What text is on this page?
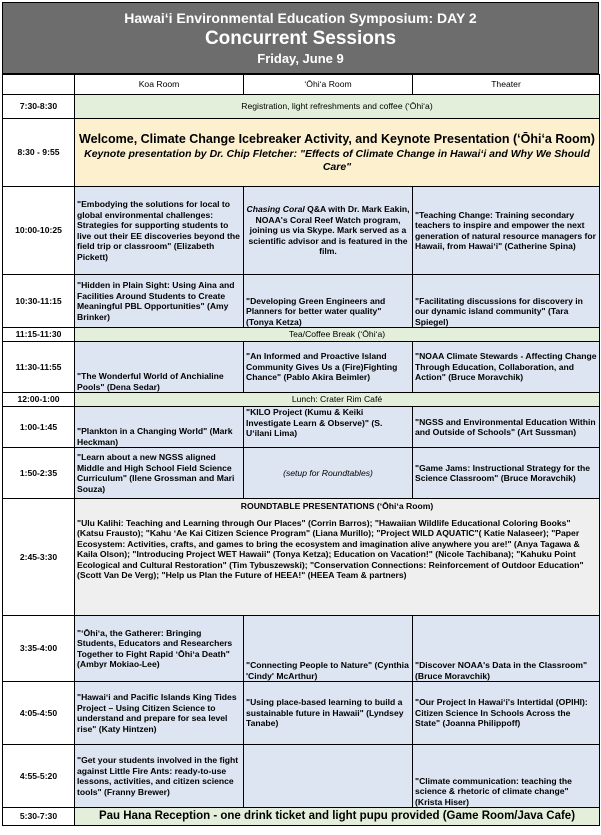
Hawaiʻi Environmental Education Symposium: DAY 2
Concurrent Sessions
Friday, June 9
	Koa Room	ʻŌhiʻa Room	Theater
7:30-8:30	Registration, light refreshments and coffee (ʻŌhiʻa)		
8:30 - 9:55	Welcome, Climate Change Icebreaker Activity, and Keynote Presentation (ʻŌhiʻa Room)
Keynote presentation by Dr. Chip Fletcher: "Effects of Climate Change in Hawaiʻi and Why We Should Care"		

10:00-10:25	"Embodying the solutions for local to global environmental challenges: Strategies for supporting students to live out their EE discoveries beyond the field trip or classroom" (Elizabeth Pickett)	Chasing Coral Q&A with Dr. Mark Eakin, NOAA's Coral Reef Watch program, joining us via Skype. Mark served as a scientific advisor and is featured in the film.	"Teaching Change: Training secondary teachers to inspire and empower the next generation of natural resource managers for Hawaii, from Hawaiʻi" (Catherine Spina)
10:30-11:15	"Hidden in Plain Sight: Using Aina and Facilities Around Students to Create Meaningful PBL Opportunities" (Amy Brinker)	"Developing Green Engineers and Planners for better water quality" (Tonya Ketza)	"Facilitating discussions for discovery in our dynamic island community" (Tara Spiegel)
11:15-11:30	Tea/Coffee Break (ʻŌhiʻa)		
11:30-11:55	"The Wonderful World of Anchialine Pools" (Dena Sedar)	"An Informed and Proactive Island Community Gives Us a (Fire)Fighting Chance" (Pablo Akira Beimler)	"NOAA Climate Stewards - Affecting Change Through Education, Collaboration, and Action" (Bruce Moravchik)
12:00-1:00	Lunch: Crater Rim Café		
1:00-1:45	"Plankton in a Changing World" (Mark Heckman)	"KILO Project (Kumu & Keiki Investigate Learn & Observe)" (S. Uʻilani Lima)	"NGSS and Environmental Education Within and Outside of Schools" (Art Sussman)
1:50-2:35	"Learn about a new NGSS aligned Middle and High School Field Science Curriculum" (Ilene Grossman and Mari Souza)	(setup for Roundtables)	"Game Jams: Instructional Strategy for the Science Classroom" (Bruce Moravchik)
2:45-3:30	ROUNDTABLE PRESENTATIONS (ʻŌhiʻa Room)
"Ulu Kalihi: Teaching and Learning through Our Places" (Corrin Barros); "Hawaiian Wildlife Educational Coloring Books" (Katsu Frausto); "Kahu ʻAe Kai Citizen Science Program" (Liana Murillo); "Project WILD AQUATIC"( Katie Nalaseer); "Paper Ecosystem: Activities, crafts, and games to bring the ecosystem and imagination alive anywhere you are!" (Anya Tagawa & Kaila Olson); "Introducing Project WET Hawaii" (Tonya Ketza); Education on Vacation!" (Nicole Tachibana); "Kahuku Point Ecological and Cultural Restoration" (Tim Tybuszewski); "Conservation Connections: Reinforcement of Outdoor Education" (Scott Van De Verg); "Help us Plan the Future of HEEA!" (HEEA Team & partners)		

3:35-4:00	"ʻŌhiʻa, the Gatherer: Bringing Students, Educators and Researchers Together to Fight Rapid ʻŌhiʻa Death" (Ambyr Mokiao-Lee)	"Connecting People to Nature" (Cynthia 'Cindy' McArthur)	"Discover NOAA's Data in the Classroom" (Bruce Moravchik)
4:05-4:50	"Hawaiʻi and Pacific Islands King Tides Project – Using Citizen Science to understand and prepare for sea level rise" (Katy Hintzen)	"Using place-based learning to build a sustainable future in Hawaii" (Lyndsey Tanabe)	"Our Project In Hawaiʻi's Intertidal (OPIHI): Citizen Science In Schools Across the State" (Joanna Philippoff)
4:55-5:20	"Get your students involved in the fight against Little Fire Ants: ready-to-use lessons, activities, and citizen science tools" (Franny Brewer)		"Climate communication: teaching the science & rhetoric of climate change" (Krista Hiser)
5:30-7:30	Pau Hana Reception - one drink ticket and light pupu provided (Game Room/Java Cafe)		
